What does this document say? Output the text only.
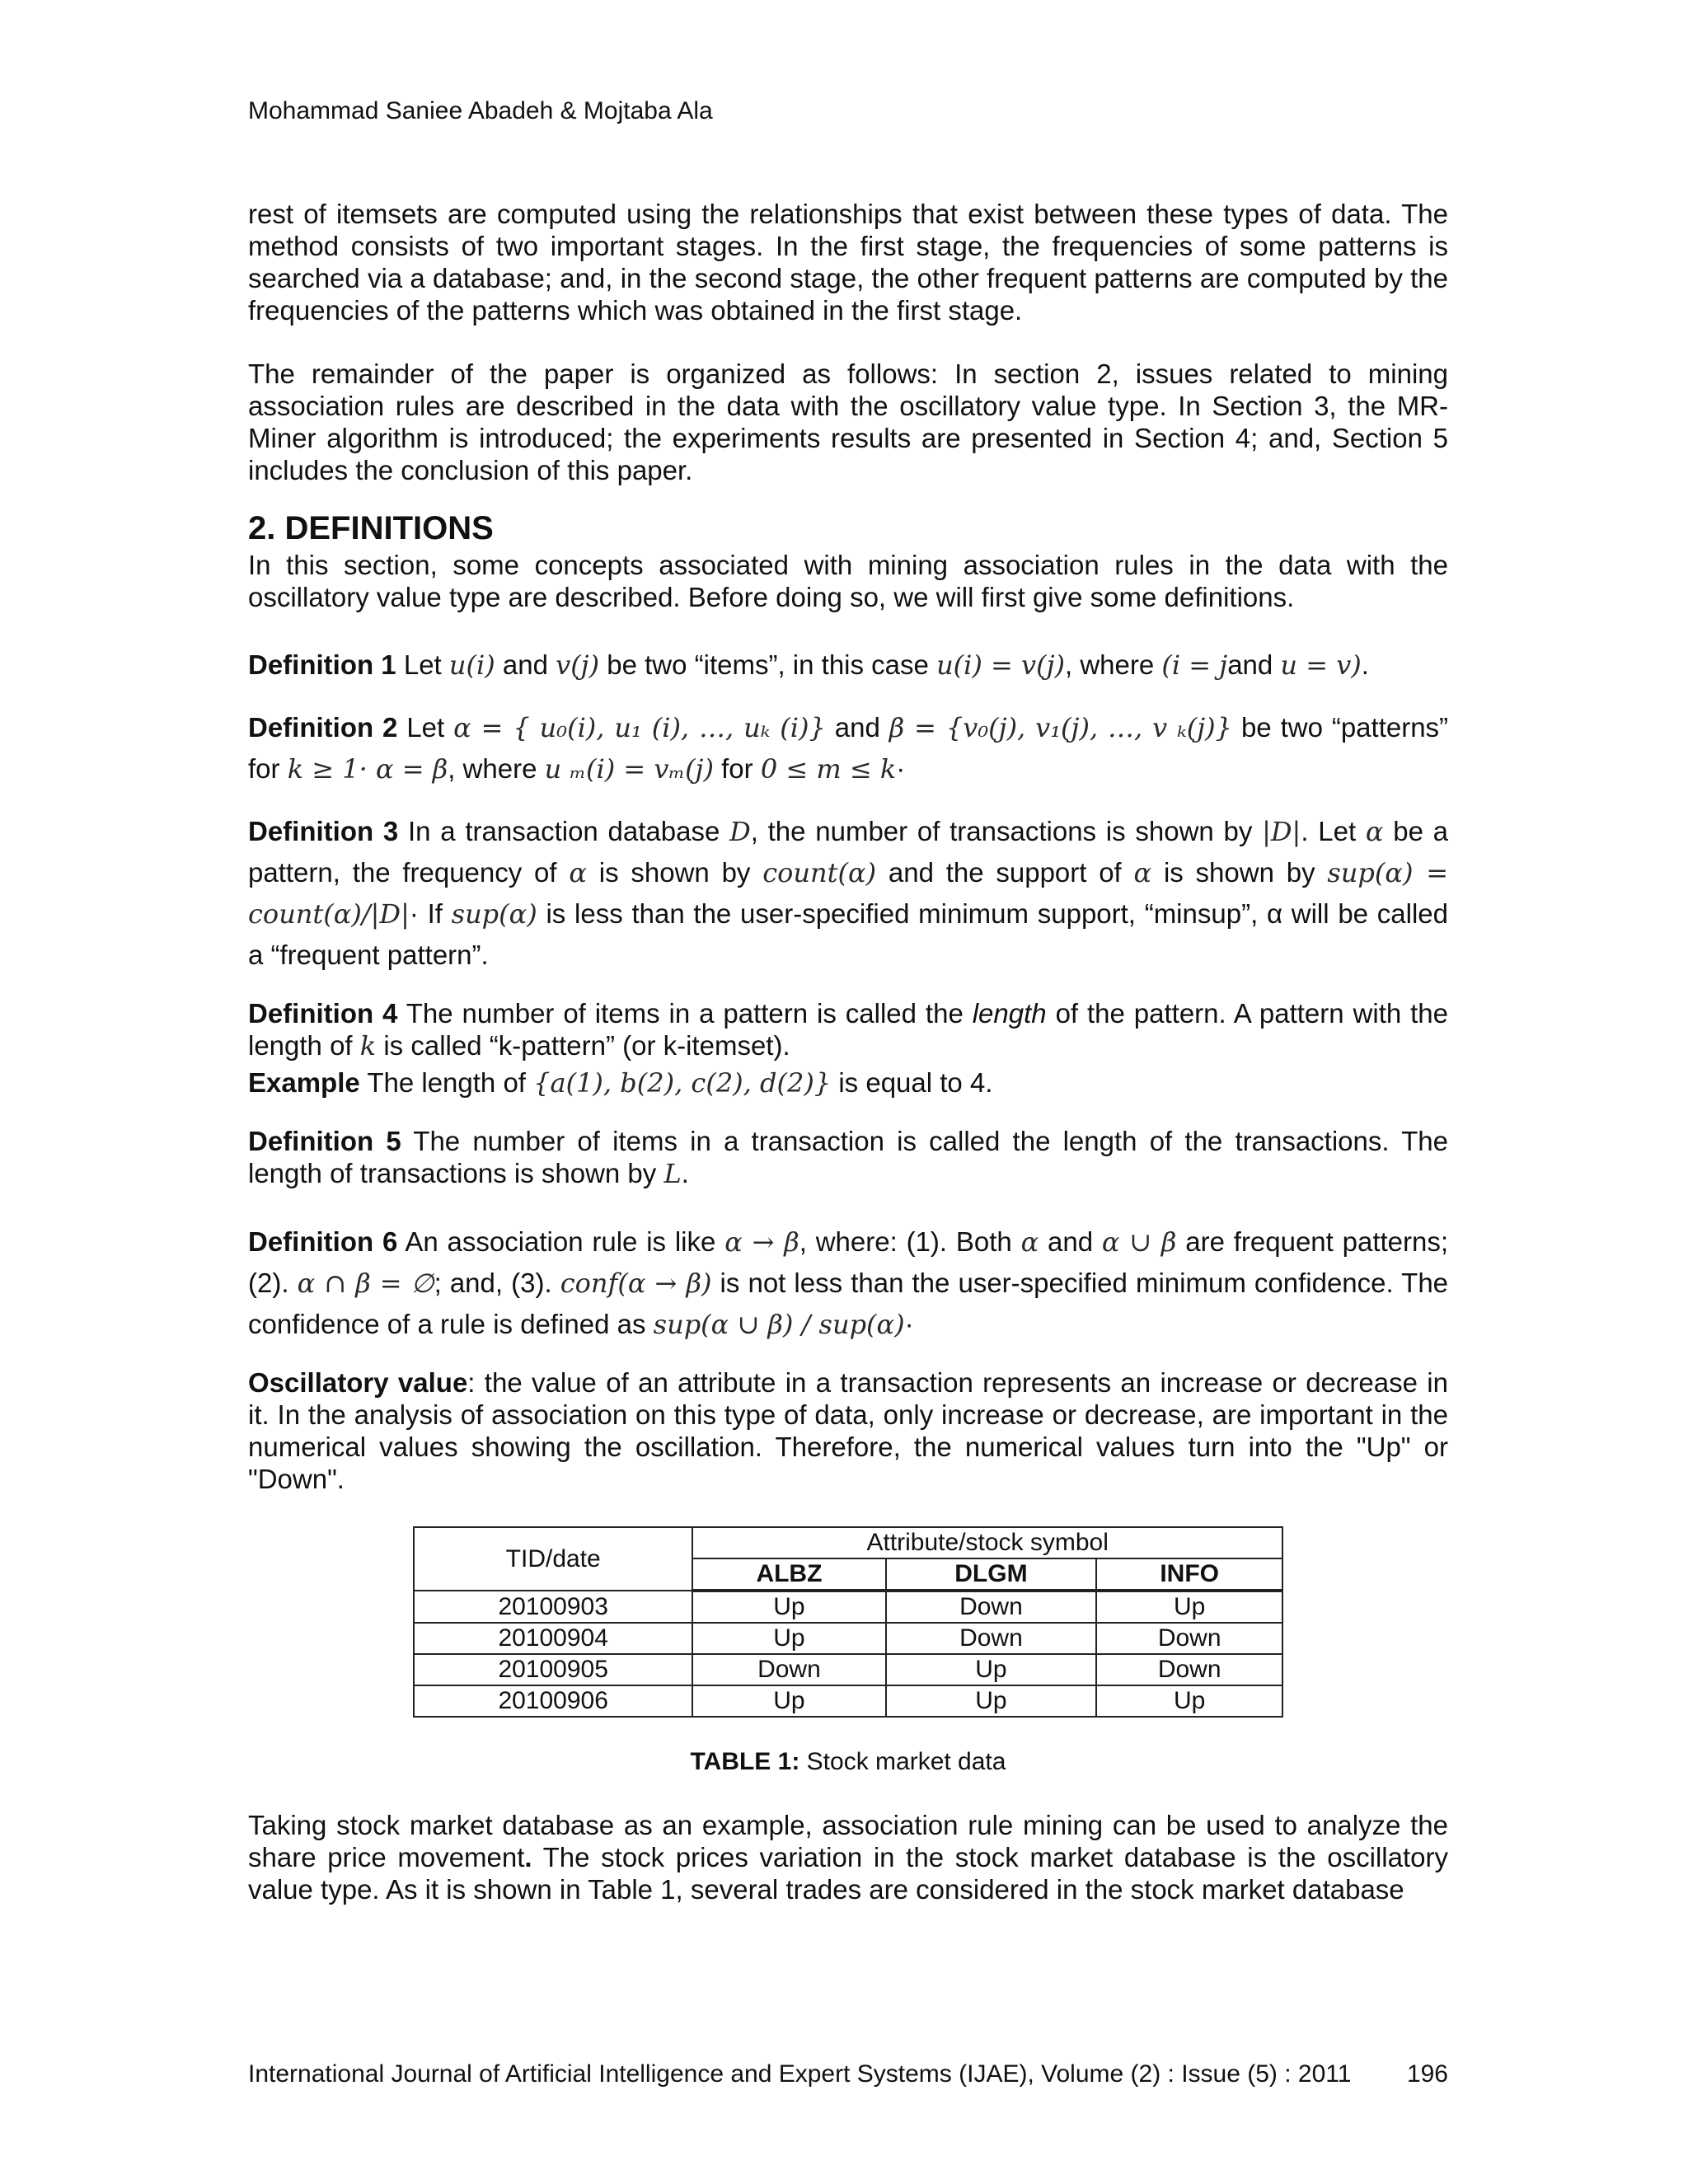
Mohammad Saniee Abadeh & Mojtaba Ala

rest of itemsets are computed using the relationships that exist between these types of data. The method consists of two important stages. In the first stage, the frequencies of some patterns is searched via a database; and, in the second stage, the other frequent patterns are computed by the frequencies of the patterns which was obtained in the first stage.

The remainder of the paper is organized as follows: In section 2, issues related to mining association rules are described in the data with the oscillatory value type. In Section 3, the MR-Miner algorithm is introduced; the experiments results are presented in Section 4; and, Section 5 includes the conclusion of this paper.

2. DEFINITIONS

In this section, some concepts associated with mining association rules in the data with the oscillatory value type are described. Before doing so, we will first give some definitions.

Definition 1 Let u(i) and v(j) be two “items”, in this case u(i) = v(j), where (i = jand u = v).

Definition 2 Let α = { u₀(i), u₁ (i), …, uₖ (i)} and β = {v₀(j), v₁(j), …, v ₖ(j)} be two “patterns” for k ≥ 1· α = β, where u ₘ(i) = vₘ(j) for 0 ≤ m ≤ k·

Definition 3 In a transaction database D, the number of transactions is shown by |D|. Let α be a pattern, the frequency of α is shown by count(α) and the support of α is shown by sup(α) = count(α)/|D|· If sup(α) is less than the user-specified minimum support, “minsup”, α will be called a “frequent pattern”.

Definition 4 The number of items in a pattern is called the length of the pattern. A pattern with the length of k is called “k-pattern” (or k-itemset).

Example The length of {a(1), b(2), c(2), d(2)} is equal to 4.

Definition 5 The number of items in a transaction is called the length of the transactions. The length of transactions is shown by L.

Definition 6 An association rule is like α → β, where: (1). Both α and α ∪ β are frequent patterns; (2). α ∩ β = ∅; and, (3). conf(α → β) is not less than the user-specified minimum confidence. The confidence of a rule is defined as sup(α ∪ β) / sup(α)·

Oscillatory value: the value of an attribute in a transaction represents an increase or decrease in it. In the analysis of association on this type of data, only increase or decrease, are important in the numerical values showing the oscillation. Therefore, the numerical values turn into the "Up" or "Down".

TID/date	Attribute/stock symbol		
	ALBZ	DLGM	INFO
20100903	Up	Down	Up
20100904	Up	Down	Down
20100905	Down	Up	Down
20100906	Up	Up	Up
TABLE 1: Stock market data

Taking stock market database as an example, association rule mining can be used to analyze the share price movement. The stock prices variation in the stock market database is the oscillatory value type. As it is shown in Table 1, several trades are considered in the stock market database

International Journal of Artificial Intelligence and Expert Systems (IJAE), Volume (2) : Issue (5) : 2011 196
